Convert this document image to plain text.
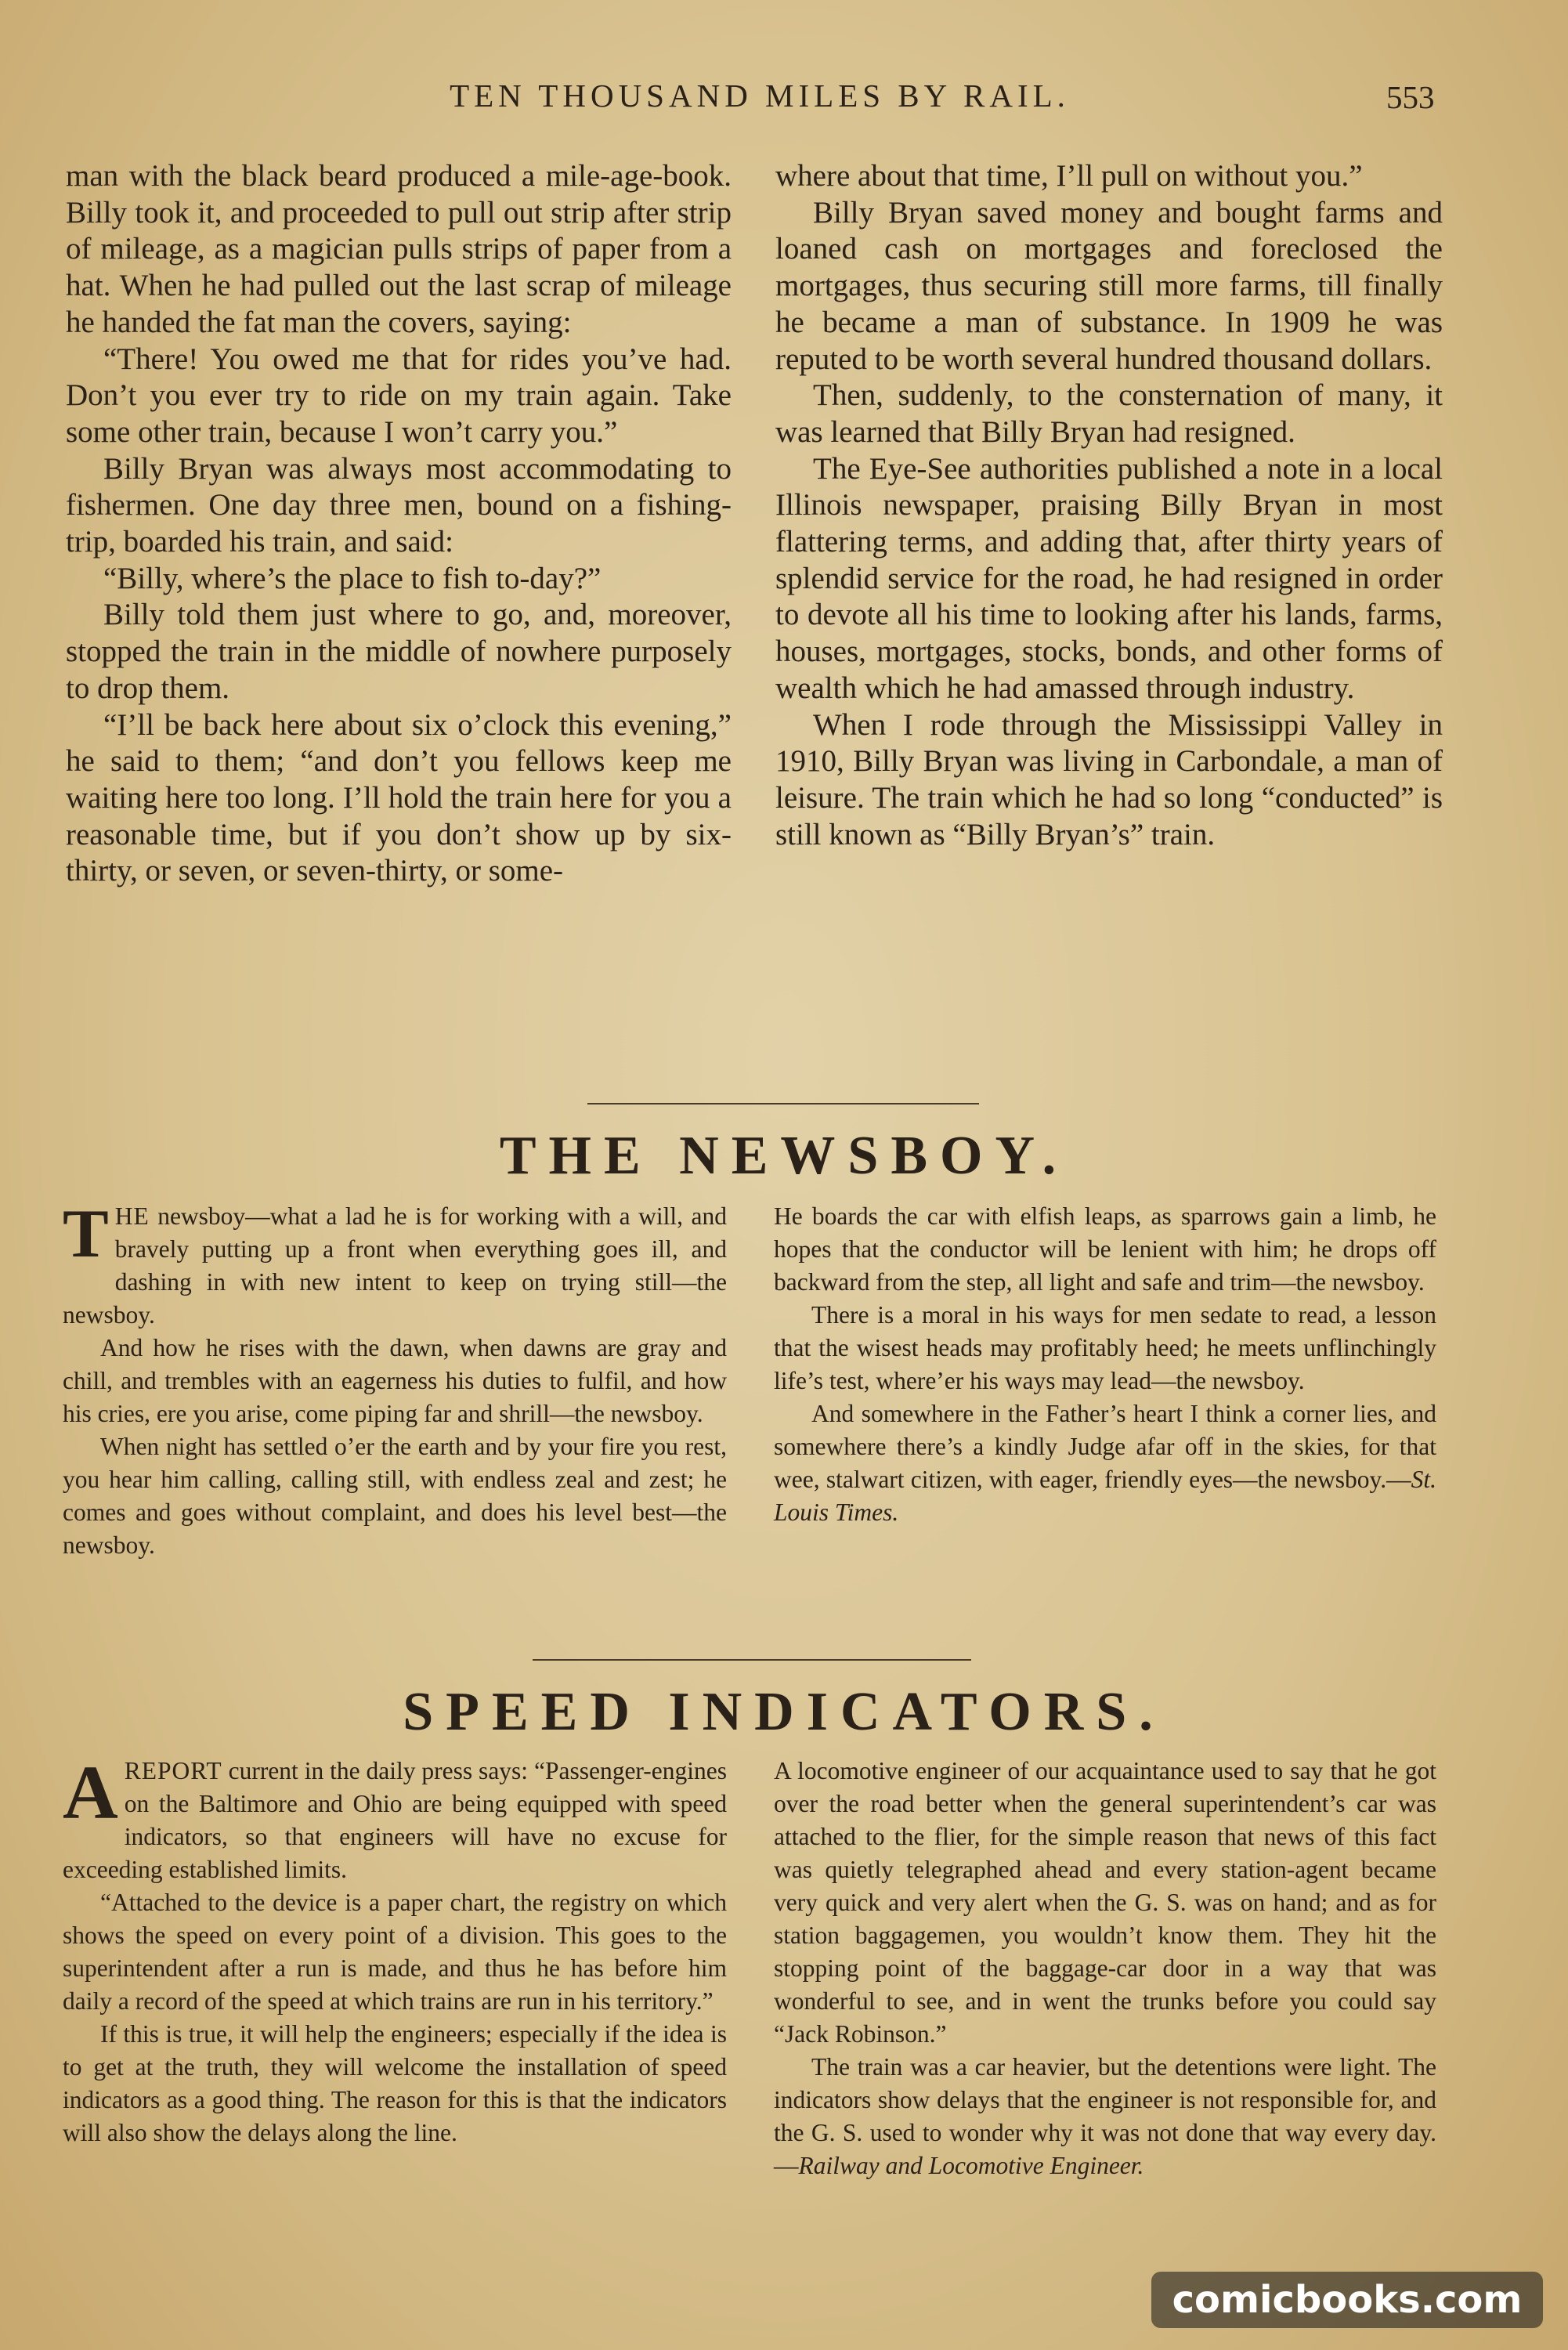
TEN THOUSAND MILES BY RAIL.	553

man with the black beard produced a mile-age-book. Billy took it, and proceeded to pull out strip after strip of mileage, as a magician pulls strips of paper from a hat. When he had pulled out the last scrap of mileage he handed the fat man the covers, saying:

“There! You owed me that for rides you’ve had. Don’t you ever try to ride on my train again. Take some other train, because I won’t carry you.”

Billy Bryan was always most accommodating to fishermen. One day three men, bound on a fishing-trip, boarded his train, and said:

“Billy, where’s the place to fish to-day?”

Billy told them just where to go, and, moreover, stopped the train in the middle of nowhere purposely to drop them.

“I’ll be back here about six o’clock this evening,” he said to them; “and don’t you fellows keep me waiting here too long. I’ll hold the train here for you a reasonable time, but if you don’t show up by six-thirty, or seven, or seven-thirty, or some-

where about that time, I’ll pull on without you.”

Billy Bryan saved money and bought farms and loaned cash on mortgages and foreclosed the mortgages, thus securing still more farms, till finally he became a man of substance. In 1909 he was reputed to be worth several hundred thousand dollars.

Then, suddenly, to the consternation of many, it was learned that Billy Bryan had resigned.

The Eye-See authorities published a note in a local Illinois newspaper, praising Billy Bryan in most flattering terms, and adding that, after thirty years of splendid service for the road, he had resigned in order to devote all his time to looking after his lands, farms, houses, mortgages, stocks, bonds, and other forms of wealth which he had amassed through industry.

When I rode through the Mississippi Valley in 1910, Billy Bryan was living in Carbondale, a man of leisure. The train which he had so long “conducted” is still known as “Billy Bryan’s” train.

THE NEWSBOY.

THE newsboy—what a lad he is for working with a will, and bravely putting up a front when everything goes ill, and dashing in with new intent to keep on trying still—the newsboy.

And how he rises with the dawn, when dawns are gray and chill, and trembles with an eagerness his duties to fulfil, and how his cries, ere you arise, come piping far and shrill—the newsboy.

When night has settled o’er the earth and by your fire you rest, you hear him calling, calling still, with endless zeal and zest; he comes and goes without complaint, and does his level best—the newsboy.

He boards the car with elfish leaps, as sparrows gain a limb, he hopes that the conductor will be lenient with him; he drops off backward from the step, all light and safe and trim—the newsboy.

There is a moral in his ways for men sedate to read, a lesson that the wisest heads may profitably heed; he meets unflinchingly life’s test, where’er his ways may lead—the newsboy.

And somewhere in the Father’s heart I think a corner lies, and somewhere there’s a kindly Judge afar off in the skies, for that wee, stalwart citizen, with eager, friendly eyes—the newsboy.—St. Louis Times.

SPEED INDICATORS.

AREPORT current in the daily press says: “Passenger-engines on the Baltimore and Ohio are being equipped with speed indicators, so that engineers will have no excuse for exceeding established limits.

“Attached to the device is a paper chart, the registry on which shows the speed on every point of a division. This goes to the superintendent after a run is made, and thus he has before him daily a record of the speed at which trains are run in his territory.”

If this is true, it will help the engineers; especially if the idea is to get at the truth, they will welcome the installation of speed indicators as a good thing. The reason for this is that the indicators will also show the delays along the line.

A locomotive engineer of our acquaintance used to say that he got over the road better when the general superintendent’s car was attached to the flier, for the simple reason that news of this fact was quietly telegraphed ahead and every station-agent became very quick and very alert when the G. S. was on hand; and as for station baggagemen, you wouldn’t know them. They hit the stopping point of the baggage-car door in a way that was wonderful to see, and in went the trunks before you could say “Jack Robinson.”

The train was a car heavier, but the detentions were light. The indicators show delays that the engineer is not responsible for, and the G. S. used to wonder why it was not done that way every day.—Railway and Locomotive Engineer.

comicbooks.com
